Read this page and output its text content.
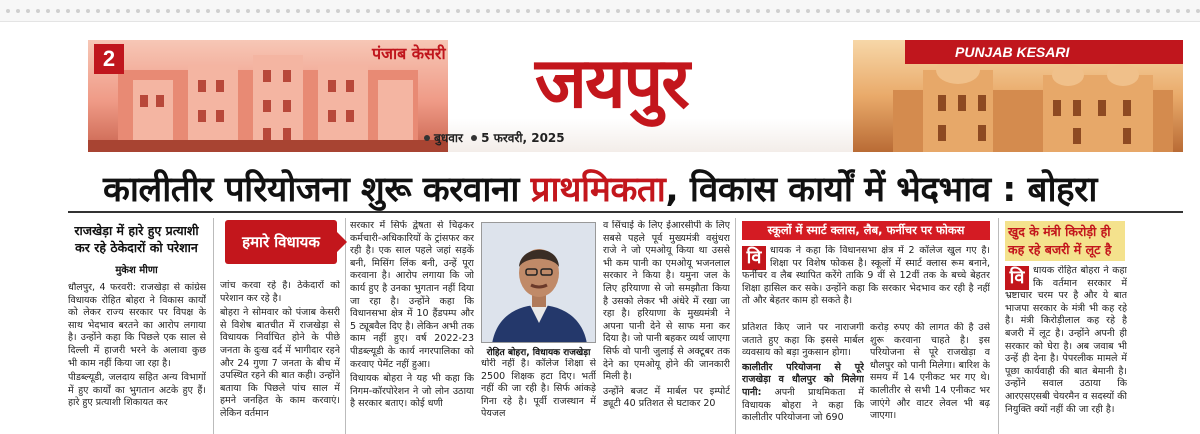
2	पंजाब केसरी	PUNJAB KESARI
जयपुर
बुधवार 5 फरवरी, 2025
कालीतीर परियोजना शुरू करवाना प्राथमिकता, विकास कार्यों में भेदभाव : बोहरा
राजखेड़ा में हारे हुए प्रत्याशी
कर रहे ठेकेदारों को परेशान
मुकेश मीणा

धौलपुर, 4 फरवरी: राजखेड़ा से कांग्रेस विधायक रोहित बोहरा ने विकास कार्यों को लेकर राज्य सरकार पर विपक्ष के साथ भेदभाव बरतने का आरोप लगाया है। उन्होंने कहा कि पिछले एक साल से दिल्ली में हाजरी भरने के अलावा कुछ भी काम नहीं किया जा रहा है।

पीडब्ल्यूडी, जलदाय सहित अन्य विभागों में हुए कार्यों का भुगतान अटके हुए हैं। हारे हुए प्रत्याशी शिकायत कर

हमारे विधायक

जांच करवा रहे है। ठेकेदारों को परेशान कर रहे है।

बोहरा ने सोमवार को पंजाब केसरी से विशेष बातचीत में राजखेड़ा से विधायक निर्वाचित होने के पीछे जनता के दुःख दर्द में भागीदार रहने और 24 गुणा 7 जनता के बीच में उपस्थित रहने की बात कही। उन्होंने बताया कि पिछले पांच साल में हमने जनहित के काम करवाएं। लेकिन वर्तमान

सरकार में सिर्फ द्वेषता से चिढ़कर कर्मचारी-अधिकारियों के ट्रांसफर कर रही है। एक साल पहले जहां सड़कें बनी, मिसिंग लिंक बनी, उन्हें पूरा करवाना है। आरोप लगाया कि जो कार्य हुए है उनका भुगतान नहीं दिया जा रहा है। उन्होंने कहा कि विधानसभा क्षेत्र में 10 हैंडपम्प और 5 ट्यूबवैल दिए है। लेकिन अभी तक काम नहीं हुए। वर्ष 2022-23 पीडब्ल्यूडी के कार्य नगरपालिका को करवाए पेमेंट नहीं हुआ।

विधायक बोहरा ने यह भी कहा कि निगम-कॉरपोरेशन ने जो लोन उठाया है सरकार बताए। कोई धणी

रोहित बोहरा, विधायक राजखेड़ा

धोरी नहीं है। कॉलेज शिक्षा से 2500 शिक्षक हटा दिए। भर्ती नहीं की जा रही है। सिर्फ आंकड़े गिना रहे है। पूर्वी राजस्थान में पेयजल

व सिंचाई के लिए ईआरसीपी के लिए सबसे पहले पूर्व मुख्यमंत्री वसुंधरा राजे ने जो एमओयू किया था उससे भी कम पानी का एमओयू भजनलाल सरकार ने किया है। यमुना जल के लिए हरियाणा से जो समझौता किया है उसको लेकर भी अंधेरे में रखा जा रहा है। हरियाणा के मुख्यमंत्री ने अपना पानी देने से साफ मना कर दिया है। जो पानी बहकर व्यर्थ जाएगा सिर्फ वो पानी जुलाई से अक्टूबर तक देने का एमओयू होने की जानकारी मिली है।

उन्होंने बजट में मार्बल पर इम्पोर्ट ड्यूटी 40 प्रतिशत से घटाकर 20

स्कूलों में स्मार्ट क्लास, लैब, फर्नीचर पर फोकस
वि धायक ने कहा कि विधानसभा क्षेत्र में 2 कॉलेज खुल गए है। शिक्षा पर विशेष फोकस है। स्कूलों में स्मार्ट क्लास रूम बनाने, फर्नीचर व लैब स्थापित करेंगे ताकि 9 वीं से 12वीं तक के बच्चे बेहतर शिक्षा हासिल कर सके। उन्होंने कहा कि सरकार भेदभाव कर रही है नहीं तो और बेहतर काम हो सकते है।

प्रतिशत किए जाने पर नाराजगी जताते हुए कहा कि इससे मार्बल व्यवसाय को बड़ा नुकसान होगा।

कालीतीर परियोजना से पूरे राजखेड़ा व धौलपुर को मिलेगा पानी: अपनी प्राथमिकता में विधायक बोहरा ने कहा कि कालीतीर परियोजना जो 690

करोड़ रुपए की लागत की है उसे शुरू करवाना चाहते है। इस परियोजना से पूरे राजखेड़ा व धौलपुर को पानी मिलेगा। बारिश के समय में 14 एनीकट भर गए थे। कालीतीर से सभी 14 एनीकट भर जाएंगे और वाटर लेवल भी बढ़ जाएगा।

खुद के मंत्री किरोड़ी ही
कह रहे बजरी में लूट है
वि धायक रोहित बोहरा ने कहा कि वर्तमान सरकार में भ्रष्टाचार चरम पर है और ये बात भाजपा सरकार के मंत्री भी कह रहे है। मंत्री किरोड़ीलाल कह रहे है बजरी में लूट है। उन्होंने अपनी ही सरकार को घेरा है। अब जवाब भी उन्हें ही देना है। पेपरलीक मामले में पूछा कार्यवाही की बात बेमानी है। उन्होंने सवाल उठाया कि आरएसएसबी चेयरमैन व सदस्यों की नियुक्ति क्यों नहीं की जा रही है।
